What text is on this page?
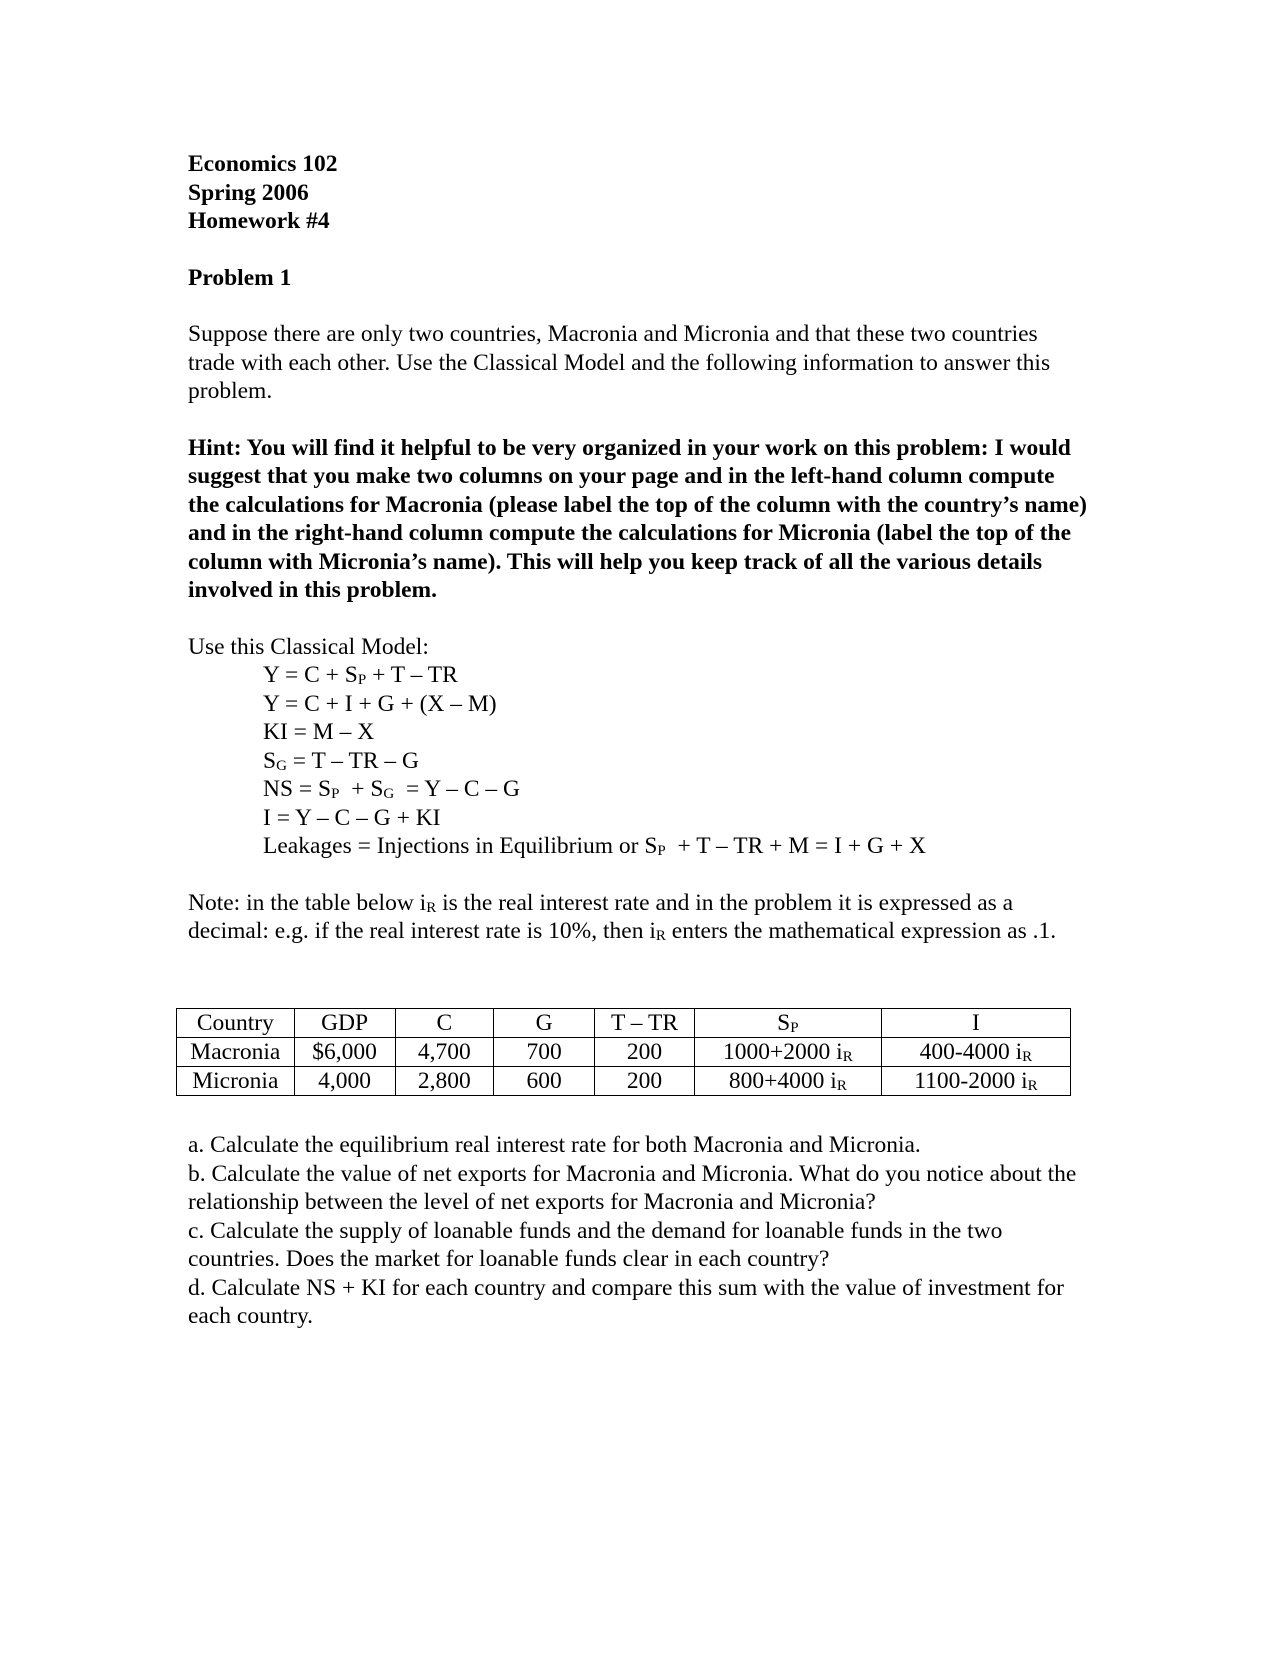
Economics 102

Spring 2006

Homework #4

Problem 1

Suppose there are only two countries, Macronia and Micronia and that these two countries trade with each other. Use the Classical Model and the following information to answer this problem.

Hint: You will find it helpful to be very organized in your work on this problem: I would suggest that you make two columns on your page and in the left-hand column compute the calculations for Macronia (please label the top of the column with the country’s name) and in the right-hand column compute the calculations for Micronia (label the top of the column with Micronia’s name). This will help you keep track of all the various details involved in this problem.

Use this Classical Model:

$Y = C + S_P + T$ – TR

Y = C + I + G + (X – M)

KI = M – X

$S_G = T$ – TR – G

NS = $S_P + S_G = Y - C - G$

I = Y – C – G + KI

Leakages = Injections in Equilibrium or $S_P + T$ – TR + M = I + G + X

Note: in the table below $i_R$ is the real interest rate and in the problem it is expressed as a decimal: e.g. if the real interest rate is 10%, then $i_R$ enters the mathematical expression as .1.

Country	GDP	C	G	T – TR	$S_P$	I
Macronia	$6,000	4,700	700	200	1000+2000 $i_R$	400-4000 $i_R$
Micronia	4,000	2,800	600	200	800+4000 $i_R$	1100-2000 $i_R$

a. Calculate the equilibrium real interest rate for both Macronia and Micronia.

b. Calculate the value of net exports for Macronia and Micronia. What do you notice about the relationship between the level of net exports for Macronia and Micronia?

c. Calculate the supply of loanable funds and the demand for loanable funds in the two countries. Does the market for loanable funds clear in each country?

d. Calculate NS + KI for each country and compare this sum with the value of investment for each country.
